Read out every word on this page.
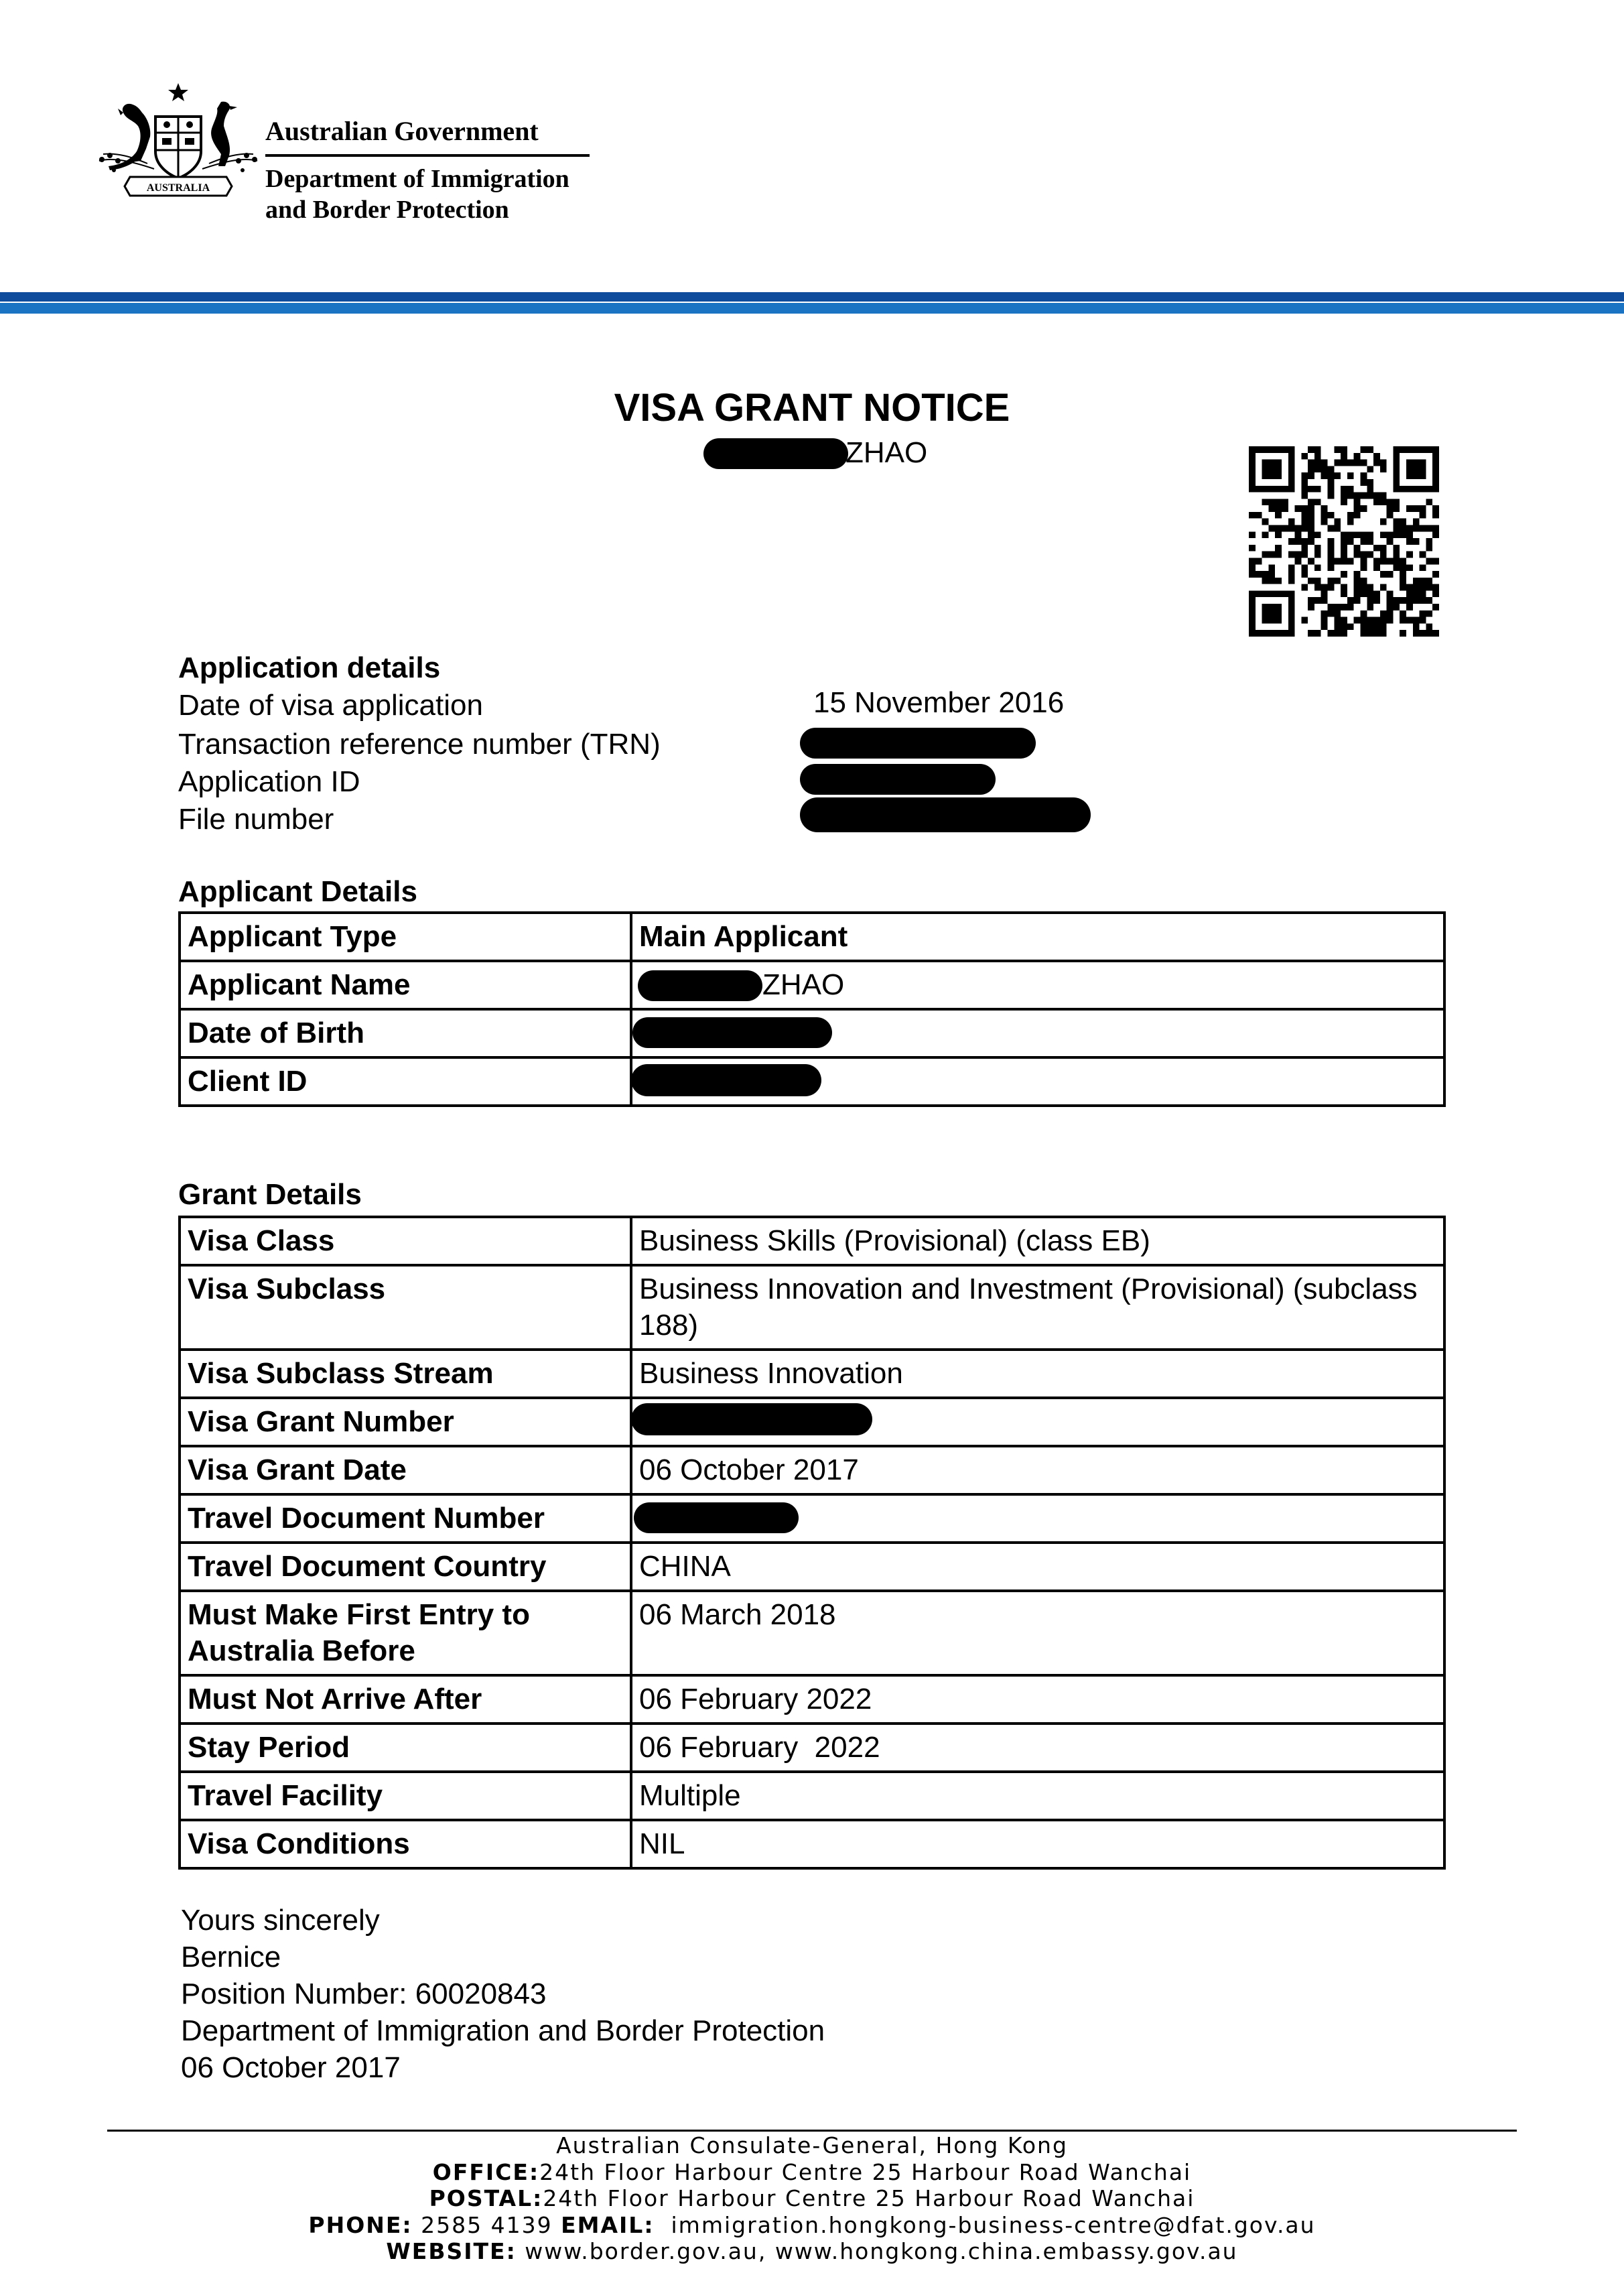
AUSTRALIA
Australian Government
Department of Immigration
and Border Protection
VISA GRANT NOTICE
ZHAO
Application details
Date of visa application	15 November 2016
Transaction reference number (TRN)
Application ID
File number
Applicant Details
Applicant Type	Main Applicant
Applicant Name	ZHAO
Date of Birth	

Client ID	

Grant Details
Visa Class	Business Skills (Provisional) (class EB)
Visa Subclass	Business Innovation and Investment (Provisional) (subclass 188)
Visa Subclass Stream	Business Innovation
Visa Grant Number	

Visa Grant Date	06 October 2017
Travel Document Number	

Travel Document Country	CHINA
Must Make First Entry to Australia Before	06 March 2018
Must Not Arrive After	06 February 2022
Stay Period	06 February  2022
Travel Facility	Multiple
Visa Conditions	NIL
Yours sincerely
Bernice
Position Number: 60020843
Department of Immigration and Border Protection
06 October 2017
Australian Consulate-General, Hong Kong
OFFICE:24th Floor Harbour Centre 25 Harbour Road Wanchai
POSTAL:24th Floor Harbour Centre 25 Harbour Road Wanchai
PHONE: 2585 4139 EMAIL: immigration.hongkong-business-centre@dfat.gov.au
WEBSITE: www.border.gov.au, www.hongkong.china.embassy.gov.au
